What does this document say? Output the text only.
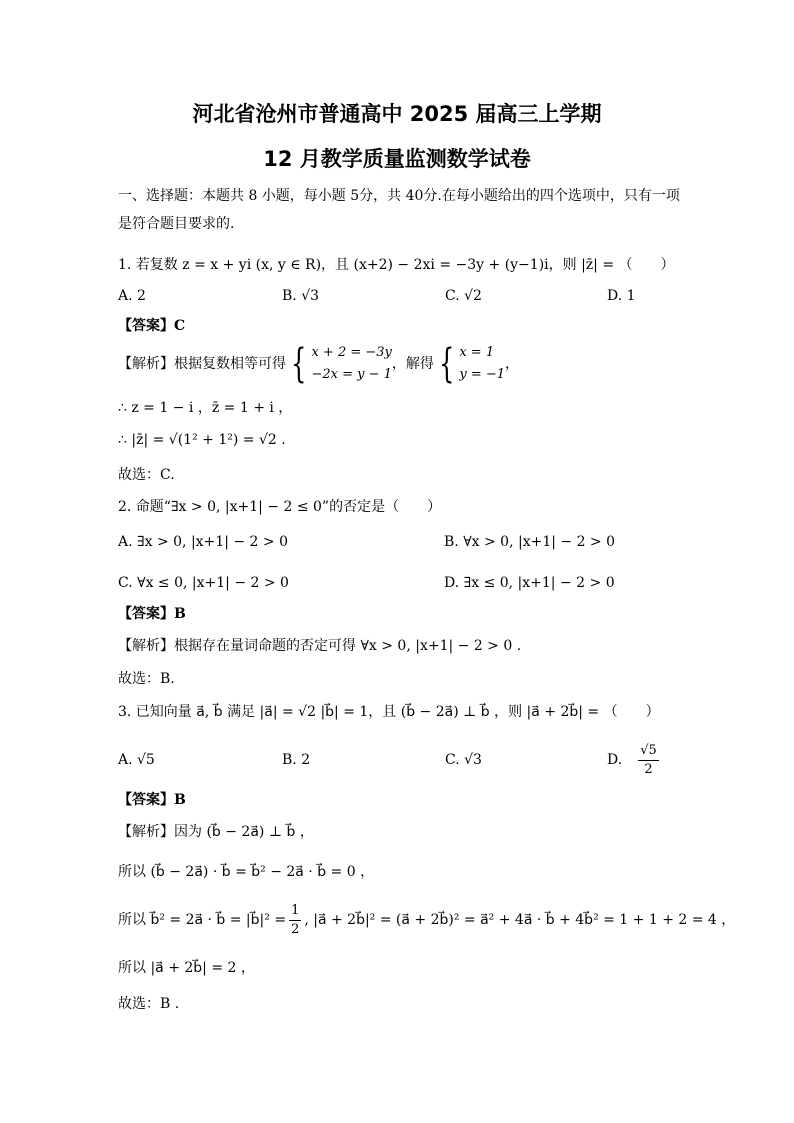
河北省沧州市普通高中 2025 届高三上学期
12 月教学质量监测数学试卷
一、选择题：本题共 8 小题，每小题 5分，共 40分.在每小题给出的四个选项中，只有一项
是符合题目要求的.
1. 若复数 z = x + yi (x, y ∈ R)，且 (x+2) − 2xi = −3y + (y−1)i，则 |z̄| = （　　）
A. 2	B. √3	C. √2	D. 1
【答案】C
【解析】根据复数相等可得 { x + 2 = −3y
−2x = y − 1
，解得 { x = 1
y = −1
，
∴ z = 1 − i ，z̄ = 1 + i ，
∴ |z̄| = √(1² + 1²) = √2 .
故选：C.
2. 命题“∃x > 0, |x+1| − 2 ≤ 0”的否定是（　　）
A. ∃x > 0, |x+1| − 2 > 0	B. ∀x > 0, |x+1| − 2 > 0
C. ∀x ≤ 0, |x+1| − 2 > 0	D. ∃x ≤ 0, |x+1| − 2 > 0
【答案】B
【解析】根据存在量词命题的否定可得 ∀x > 0, |x+1| − 2 > 0 .
故选：B.
3. 已知向量 a⃗, b⃗ 满足 |a⃗| = √2 |b⃗| = 1，且 (b⃗ − 2a⃗) ⊥ b⃗ ，则 |a⃗ + 2b⃗| = （　　）
A. √5	B. 2	C. √3	D. $\frac{√5}{2}$
【答案】B
【解析】因为 (b⃗ − 2a⃗) ⊥ b⃗ ，
所以 (b⃗ − 2a⃗) · b⃗ = b⃗² − 2a⃗ · b⃗ = 0 ，
所以 b⃗² = 2a⃗ · b⃗ = |b⃗|² = $\frac{1}{2}$ , |a⃗ + 2b⃗|² = (a⃗ + 2b⃗)² = a⃗² + 4a⃗ · b⃗ + 4b⃗² = 1 + 1 + 2 = 4 ，
所以 |a⃗ + 2b⃗| = 2 ，
故选：B .
